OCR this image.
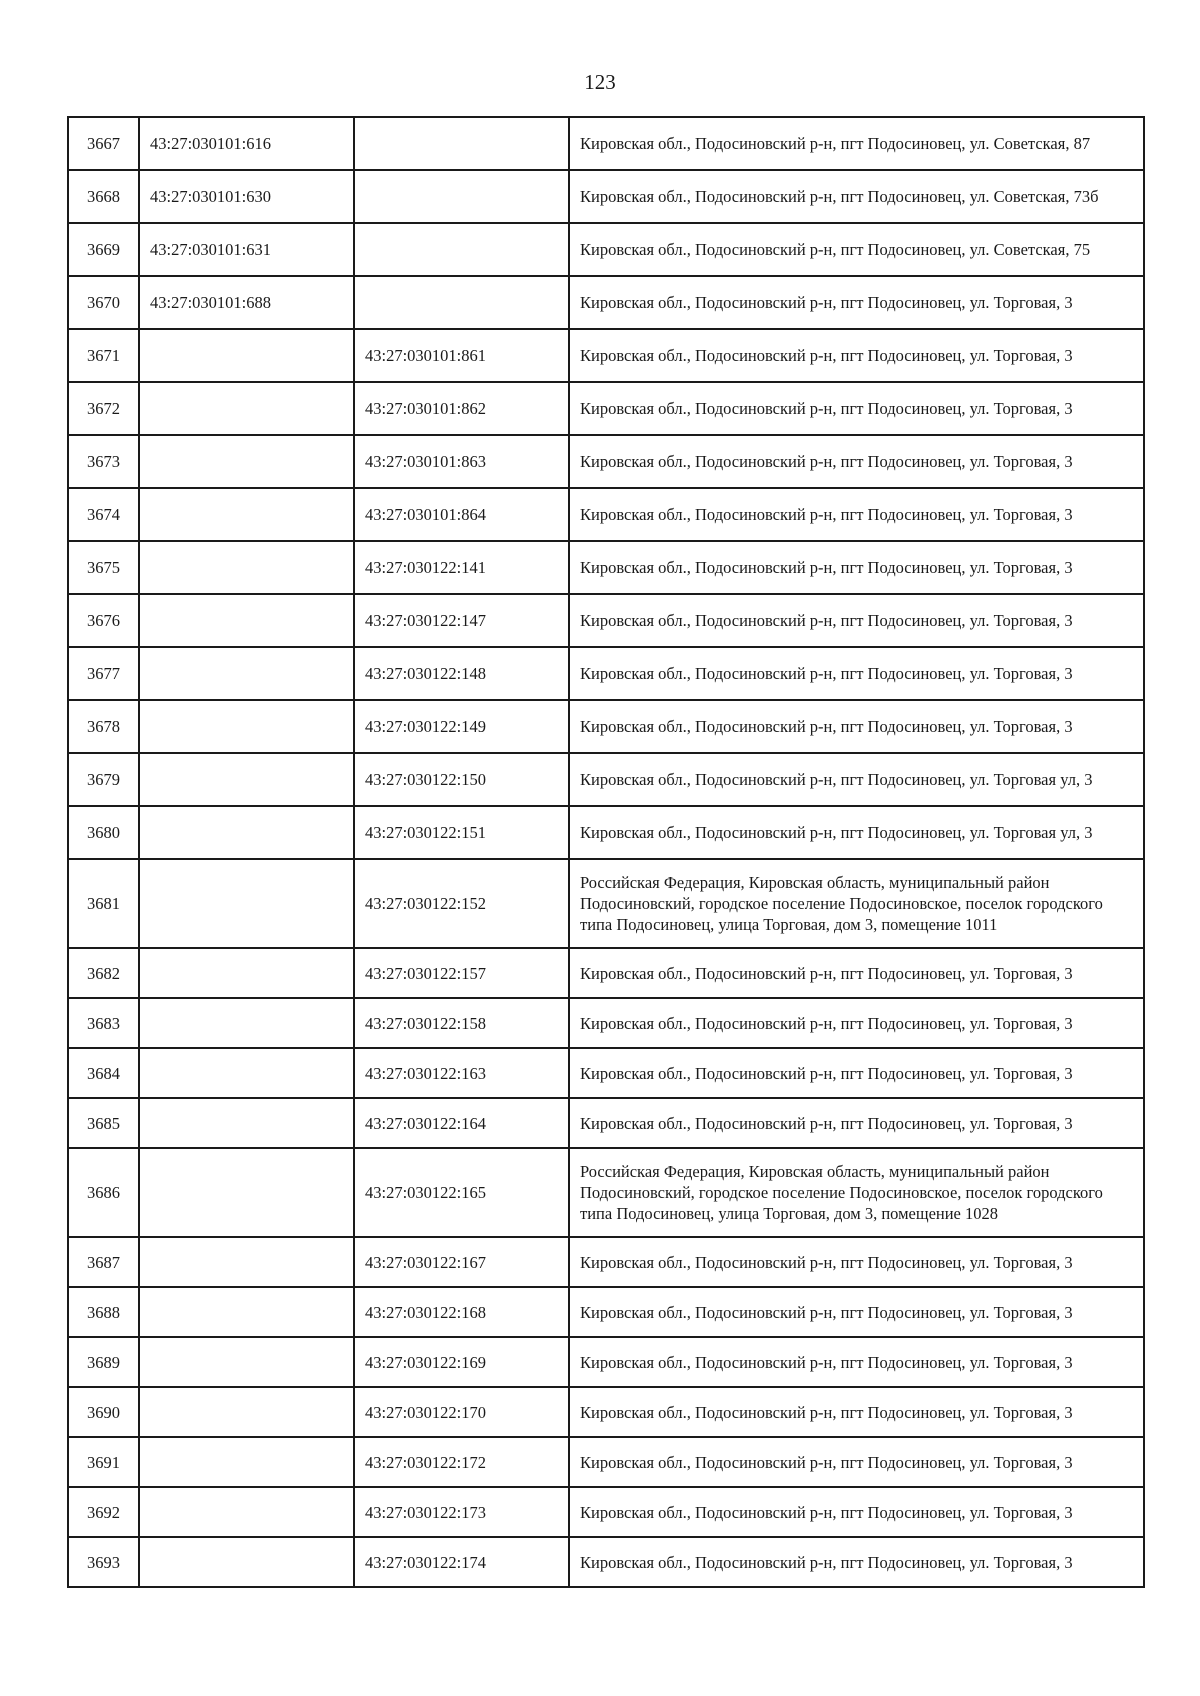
123
3667	43:27:030101:616		Кировская обл., Подосиновский р-н, пгт Подосиновец, ул. Советская, 87
3668	43:27:030101:630		Кировская обл., Подосиновский р-н, пгт Подосиновец, ул. Советская, 73б
3669	43:27:030101:631		Кировская обл., Подосиновский р-н, пгт Подосиновец, ул. Советская, 75
3670	43:27:030101:688		Кировская обл., Подосиновский р-н, пгт Подосиновец, ул. Торговая, 3
3671		43:27:030101:861	Кировская обл., Подосиновский р-н, пгт Подосиновец, ул. Торговая, 3
3672		43:27:030101:862	Кировская обл., Подосиновский р-н, пгт Подосиновец, ул. Торговая, 3
3673		43:27:030101:863	Кировская обл., Подосиновский р-н, пгт Подосиновец, ул. Торговая, 3
3674		43:27:030101:864	Кировская обл., Подосиновский р-н, пгт Подосиновец, ул. Торговая, 3
3675		43:27:030122:141	Кировская обл., Подосиновский р-н, пгт Подосиновец, ул. Торговая, 3
3676		43:27:030122:147	Кировская обл., Подосиновский р-н, пгт Подосиновец, ул. Торговая, 3
3677		43:27:030122:148	Кировская обл., Подосиновский р-н, пгт Подосиновец, ул. Торговая, 3
3678		43:27:030122:149	Кировская обл., Подосиновский р-н, пгт Подосиновец, ул. Торговая, 3
3679		43:27:030122:150	Кировская обл., Подосиновский р-н, пгт Подосиновец, ул. Торговая ул, 3
3680		43:27:030122:151	Кировская обл., Подосиновский р-н, пгт Подосиновец, ул. Торговая ул, 3
3681		43:27:030122:152	Российская Федерация, Кировская область, муниципальный район Подосиновский, городское поселение Подосиновское, поселок городского типа Подосиновец, улица Торговая, дом 3, помещение 1011
3682		43:27:030122:157	Кировская обл., Подосиновский р-н, пгт Подосиновец, ул. Торговая, 3
3683		43:27:030122:158	Кировская обл., Подосиновский р-н, пгт Подосиновец, ул. Торговая, 3
3684		43:27:030122:163	Кировская обл., Подосиновский р-н, пгт Подосиновец, ул. Торговая, 3
3685		43:27:030122:164	Кировская обл., Подосиновский р-н, пгт Подосиновец, ул. Торговая, 3
3686		43:27:030122:165	Российская Федерация, Кировская область, муниципальный район Подосиновский, городское поселение Подосиновское, поселок городского типа Подосиновец, улица Торговая, дом 3, помещение 1028
3687		43:27:030122:167	Кировская обл., Подосиновский р-н, пгт Подосиновец, ул. Торговая, 3
3688		43:27:030122:168	Кировская обл., Подосиновский р-н, пгт Подосиновец, ул. Торговая, 3
3689		43:27:030122:169	Кировская обл., Подосиновский р-н, пгт Подосиновец, ул. Торговая, 3
3690		43:27:030122:170	Кировская обл., Подосиновский р-н, пгт Подосиновец, ул. Торговая, 3
3691		43:27:030122:172	Кировская обл., Подосиновский р-н, пгт Подосиновец, ул. Торговая, 3
3692		43:27:030122:173	Кировская обл., Подосиновский р-н, пгт Подосиновец, ул. Торговая, 3
3693		43:27:030122:174	Кировская обл., Подосиновский р-н, пгт Подосиновец, ул. Торговая, 3
